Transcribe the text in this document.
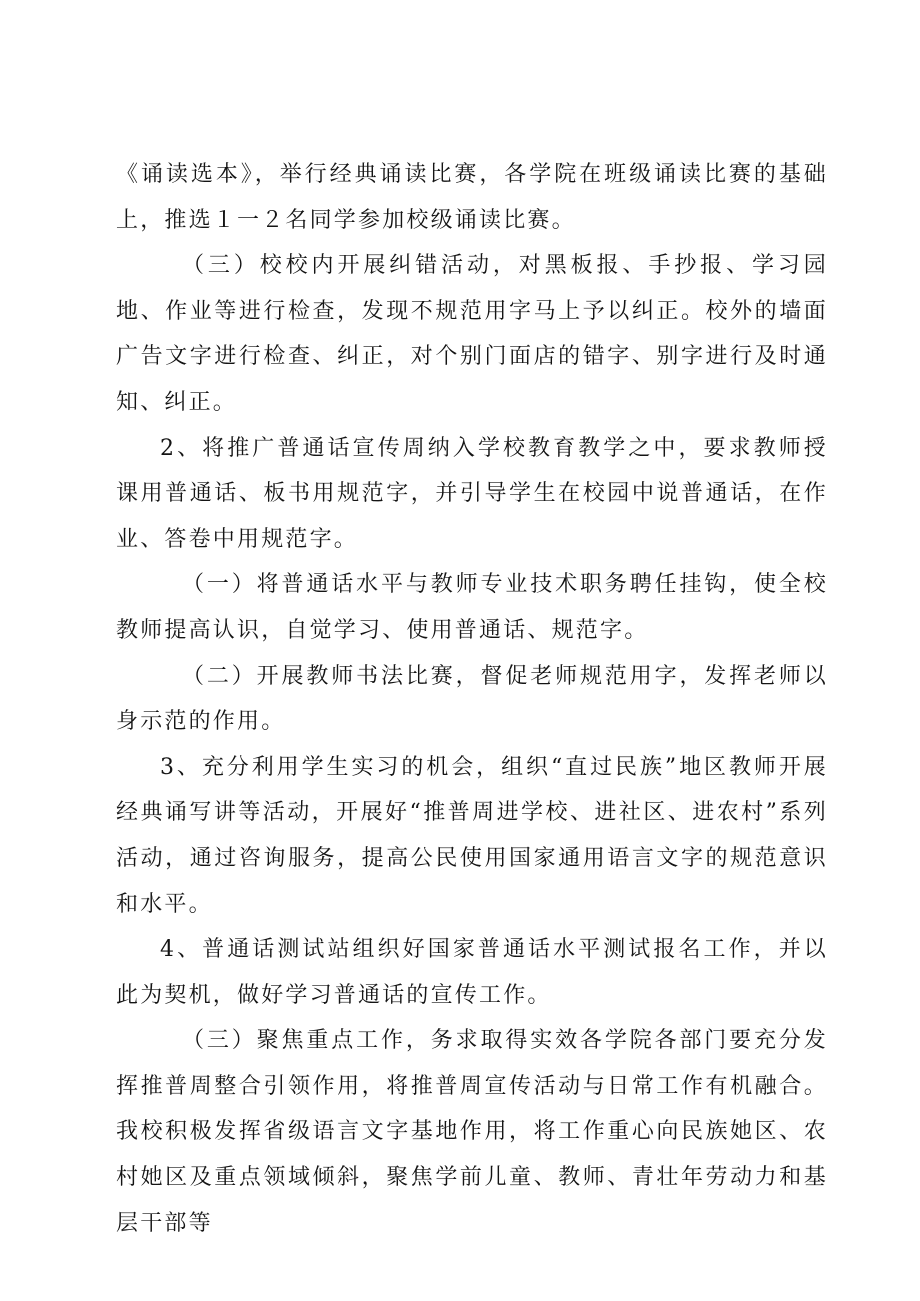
《诵读选本》，举行经典诵读比赛，各学院在班级诵读比赛的基础上，推选１一２名同学参加校级诵读比赛。

（三）校校内开展纠错活动，对黑板报、手抄报、学习园地、作业等进行检查，发现不规范用字马上予以纠正。校外的墙面广告文字进行检查、纠正，对个别门面店的错字、别字进行及时通知、纠正。

2、将推广普通话宣传周纳入学校教育教学之中，要求教师授课用普通话、板书用规范字，并引导学生在校园中说普通话，在作业、答卷中用规范字。

（一）将普通话水平与教师专业技术职务聘任挂钩，使全校教师提高认识，自觉学习、使用普通话、规范字。

（二）开展教师书法比赛，督促老师规范用字，发挥老师以身示范的作用。

3、充分利用学生实习的机会，组织“直过民族”地区教师开展经典诵写讲等活动，开展好“推普周进学校、进社区、进农村”系列活动，通过咨询服务，提高公民使用国家通用语言文字的规范意识和水平。

4、普通话测试站组织好国家普通话水平测试报名工作，并以此为契机，做好学习普通话的宣传工作。

（三）聚焦重点工作，务求取得实效各学院各部门要充分发挥推普周整合引领作用，将推普周宣传活动与日常工作有机融合。我校积极发挥省级语言文字基地作用，将工作重心向民族她区、农村她区及重点领域倾斜，聚焦学前儿童、教师、青壮年劳动力和基层干部等
